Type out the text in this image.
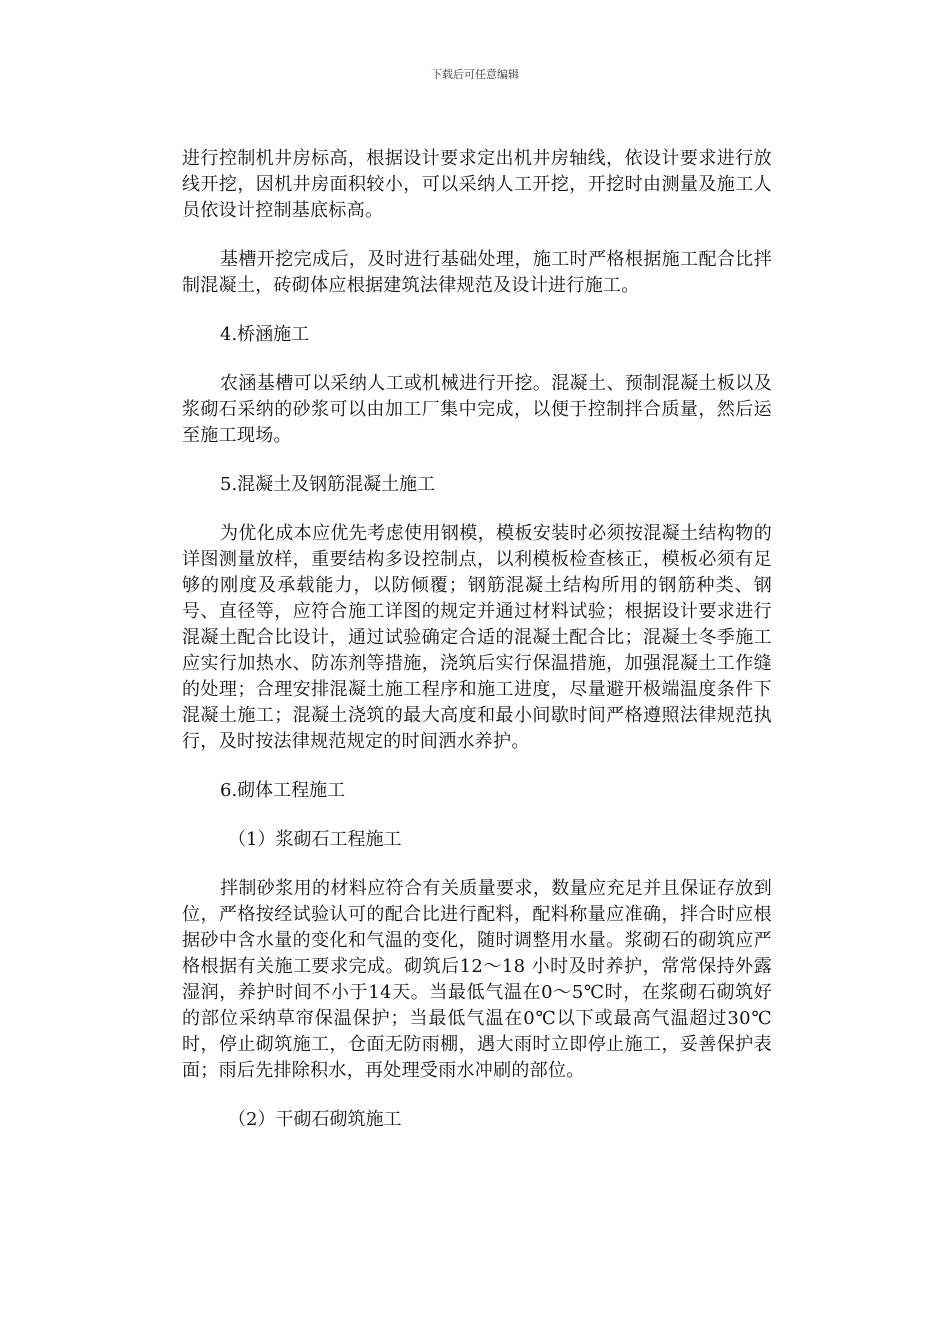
下载后可任意编辑

进行控制机井房标高，根据设计要求定出机井房轴线，依设计要求进行放线开挖，因机井房面积较小，可以采纳人工开挖，开挖时由测量及施工人员依设计控制基底标高。

基槽开挖完成后，及时进行基础处理，施工时严格根据施工配合比拌制混凝土，砖砌体应根据建筑法律规范及设计进行施工。

4.桥涵施工

农涵基槽可以采纳人工或机械进行开挖。混凝土、预制混凝土板以及浆砌石采纳的砂浆可以由加工厂集中完成，以便于控制拌合质量，然后运至施工现场。

5.混凝土及钢筋混凝土施工

为优化成本应优先考虑使用钢模，模板安装时必须按混凝土结构物的详图测量放样，重要结构多设控制点，以利模板检查核正，模板必须有足够的刚度及承载能力，以防倾覆；钢筋混凝土结构所用的钢筋种类、钢号、直径等，应符合施工详图的规定并通过材料试验；根据设计要求进行混凝土配合比设计，通过试验确定合适的混凝土配合比；混凝土冬季施工应实行加热水、防冻剂等措施，浇筑后实行保温措施，加强混凝土工作缝的处理；合理安排混凝土施工程序和施工进度，尽量避开极端温度条件下混凝土施工；混凝土浇筑的最大高度和最小间歇时间严格遵照法律规范执行，及时按法律规范规定的时间洒水养护。

6.砌体工程施工

（1）浆砌石工程施工

拌制砂浆用的材料应符合有关质量要求，数量应充足并且保证存放到位，严格按经试验认可的配合比进行配料，配料称量应准确，拌合时应根据砂中含水量的变化和气温的变化，随时调整用水量。浆砌石的砌筑应严格根据有关施工要求完成。砌筑后12～18 小时及时养护，常常保持外露湿润，养护时间不小于14天。当最低气温在0～5℃时，在浆砌石砌筑好的部位采纳草帘保温保护；当最低气温在0℃以下或最高气温超过30℃时，停止砌筑施工，仓面无防雨棚，遇大雨时立即停止施工，妥善保护表面；雨后先排除积水，再处理受雨水冲刷的部位。

（2）干砌石砌筑施工
